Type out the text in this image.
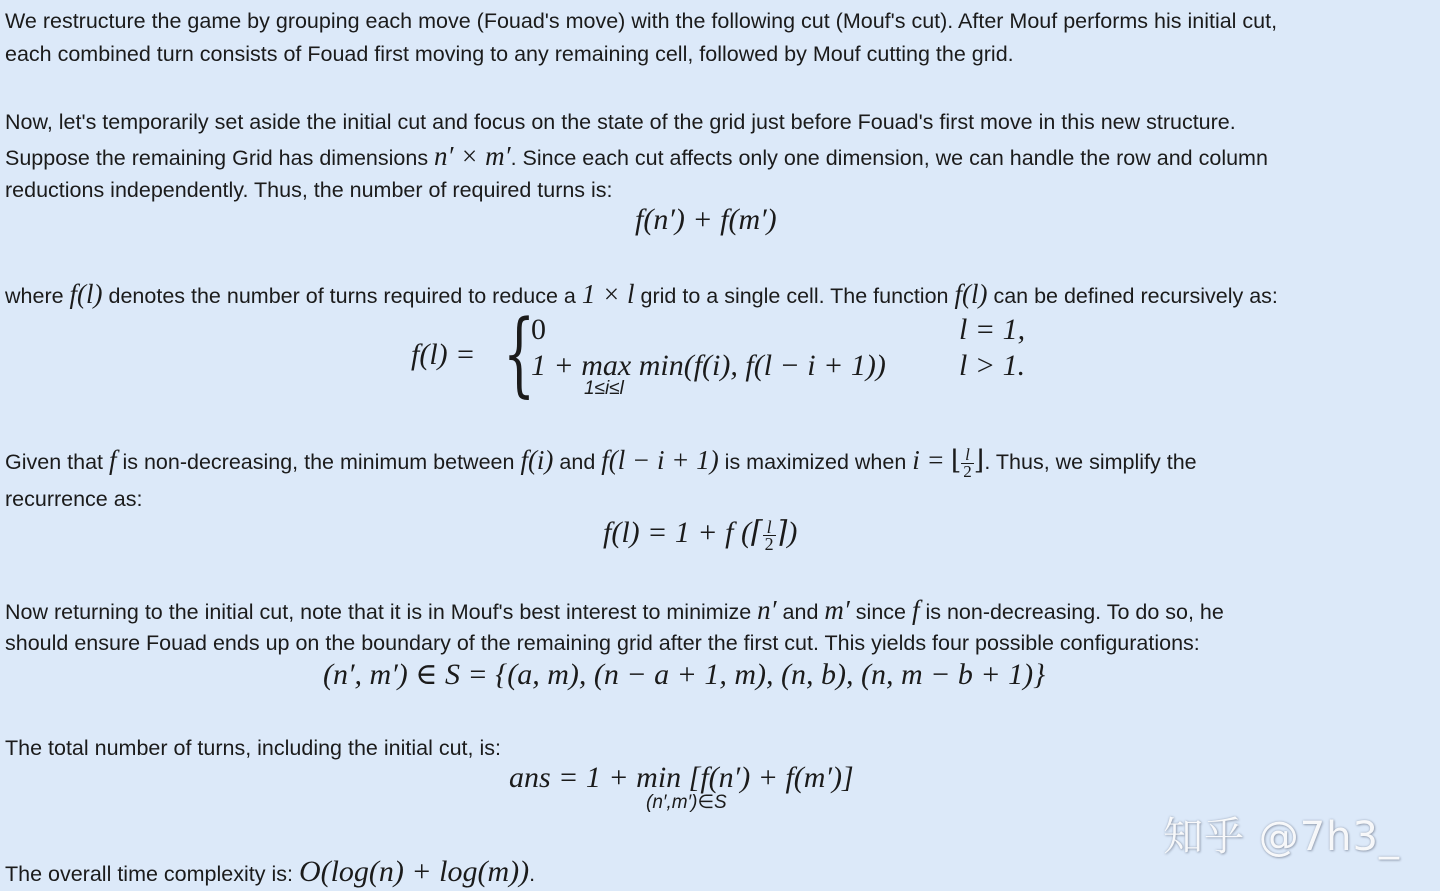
We restructure the game by grouping each move (Fouad's move) with the following cut (Mouf's cut). After Mouf performs his initial cut,
each combined turn consists of Fouad first moving to any remaining cell, followed by Mouf cutting the grid.
Now, let's temporarily set aside the initial cut and focus on the state of the grid just before Fouad's first move in this new structure.
Suppose the remaining Grid has dimensions n′ × m′. Since each cut affects only one dimension, we can handle the row and column
reductions independently. Thus, the number of required turns is:
f(n′) + f(m′)
where f(l) denotes the number of turns required to reduce a 1 × l grid to a single cell. The function f(l) can be defined recursively as:
f(l) = {
0	l = 1,
1 + max min(f(i), f(l − i + 1))
1≤i≤l
l > 1.
Given that f is non-decreasing, the minimum between f(i) and f(l − i + 1) is maximized when i = ⌊ $\frac{l}{2}$ ⌋. Thus, we simplify the
recurrence as:
f(l) = 1 + f (⌈ $\frac{l}{2}$ ⌉)
Now returning to the initial cut, note that it is in Mouf's best interest to minimize n′ and m′ since f is non-decreasing. To do so, he
should ensure Fouad ends up on the boundary of the remaining grid after the first cut. This yields four possible configurations:
(n′, m′) ∈ S = {(a, m), (n − a + 1, m), (n, b), (n, m − b + 1)}
The total number of turns, including the initial cut, is:
ans = 1 + min [f(n′) + f(m′)]
(n′,m′)∈S
The overall time complexity is: O(log(n) + log(m)).
知乎 @7h3_
